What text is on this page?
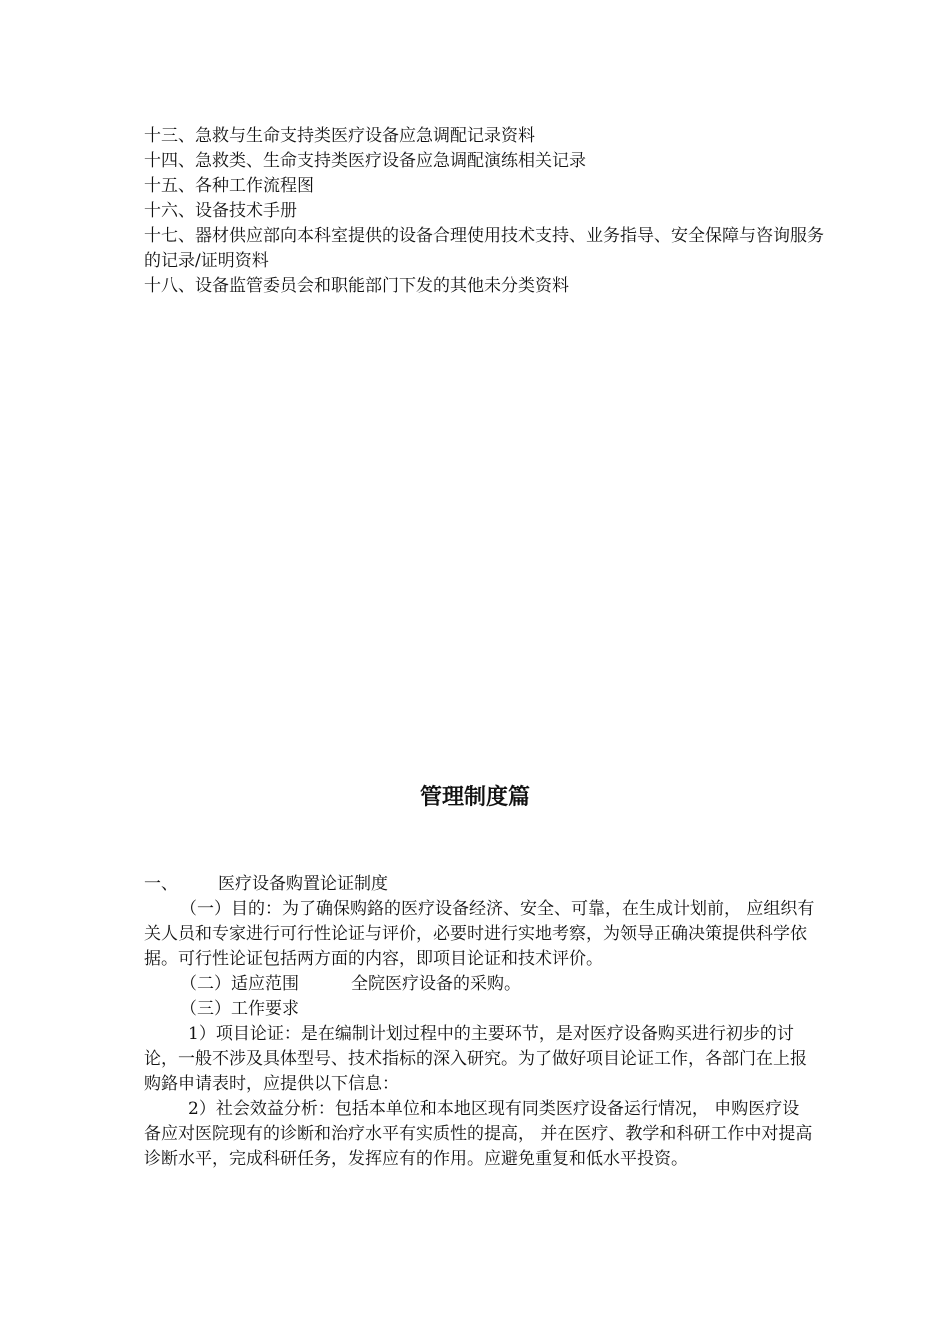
十三、急救与生命支持类医疗设备应急调配记录资料
十四、急救类、生命支持类医疗设备应急调配演练相关记录
十五、各种工作流程图
十六、设备技术手册
十七、器材供应部向本科室提供的设备合理使用技术支持、业务指导、安全保障与咨询服务的记录/证明资料
十八、设备监管委员会和职能部门下发的其他未分类资料
管理制度篇

一、 医疗设备购置论证制度

（一）目的：为了确保购鉻的医疗设备经济、安全、可靠，在生成计划前， 应组织有关人员和专家进行可行性论证与评价，必要时进行实地考察，为领导正确决策提供科学依据。可行性论证包括两方面的内容，即项目论证和技术评价。

（二）适应范围	全院医疗设备的采购。

（三）工作要求

1）项目论证：是在编制计划过程中的主要环节，是对医疗设备购买进行初步的讨论，一般不涉及具体型号、技术指标的深入研究。为了做好项目论证工作，各部门在上报购鉻申请表时，应提供以下信息：

2）社会效益分析：包括本单位和本地区现有同类医疗设备运行情况， 申购医疗设备应对医院现有的诊断和治疗水平有实质性的提高， 并在医疗、教学和科研工作中对提高诊断水平，完成科研任务，发挥应有的作用。应避免重复和低水平投资。
